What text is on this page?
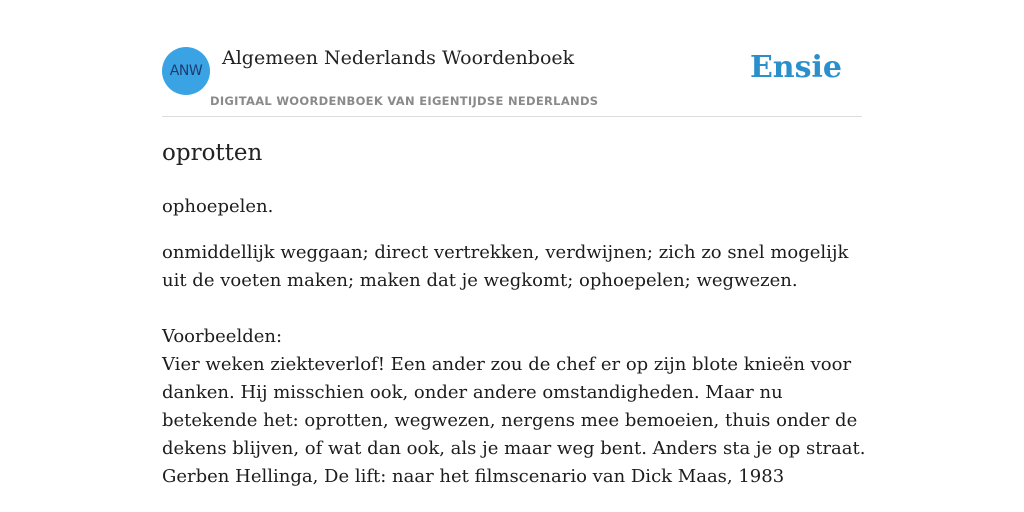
ANW
Algemeen Nederlands Woordenboek
DIGITAAL WOORDENBOEK VAN EIGENTIJDSE NEDERLANDS
Ensie
oprotten
ophoepelen.

onmiddellijk weggaan; direct vertrekken, verdwijnen; zich zo snel mogelijk uit de voeten maken; maken dat je wegkomt; ophoepelen; wegwezen.

Voorbeelden:

Vier weken ziekteverlof! Een ander zou de chef er op zijn blote knieën voor danken. Hij misschien ook, onder andere omstandigheden. Maar nu betekende het: oprotten, wegwezen, nergens mee bemoeien, thuis onder de dekens blijven, of wat dan ook, als je maar weg bent. Anders sta je op straat.

Gerben Hellinga, De lift: naar het filmscenario van Dick Maas, 1983
